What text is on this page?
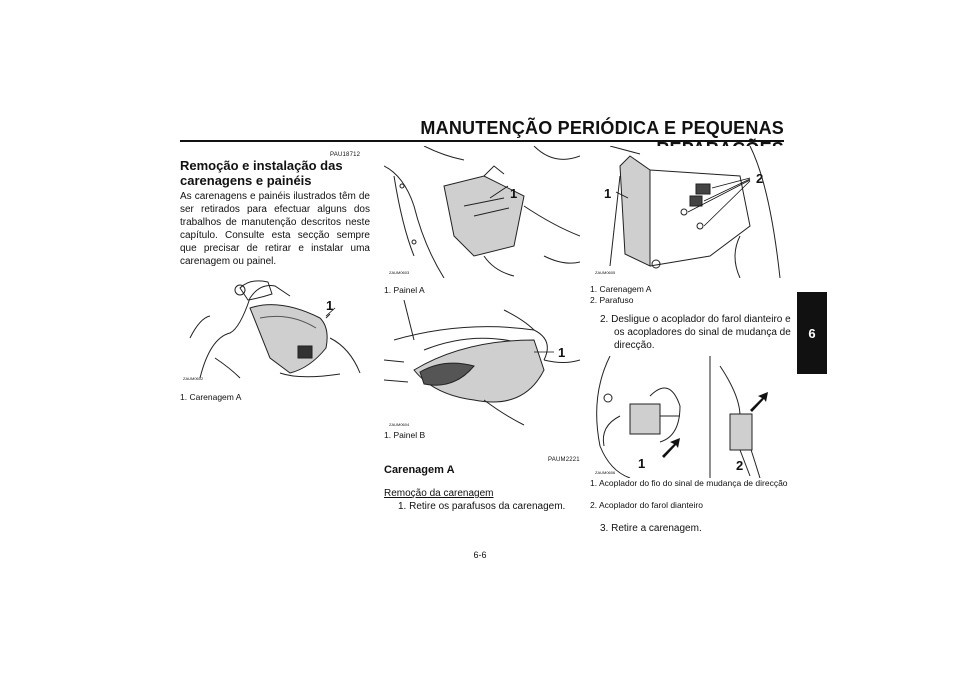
MANUTENÇÃO PERIÓDICA E PEQUENAS
6
PAU18712
Remoção e instalação das carenagens e painéis
As carenagens e painéis ilustrados têm de ser retirados para efectuar alguns dos trabalhos de manutenção descritos neste capítulo. Consulte esta secção sempre que precisar de retirar e instalar uma carenagem ou painel.
1
ZAUM0602
1. Carenagem A
1
ZAUM0603
1. Painel A
1
ZAUM0604
1. Painel B
PAUM2221
Carenagem A
Remoção da carenagem
1. Retire os parafusos da carenagem.
2
1
ZAUM0605
1. Carenagem A
2. Parafuso
2. Desligue o acoplador do farol dianteiro e os acopladores do sinal de mudança de direcção.
1	2
ZAUM0606
1. Acoplador do fio do sinal de mudança de direcção
2. Acoplador do farol dianteiro
3. Retire a carenagem.
6-6
